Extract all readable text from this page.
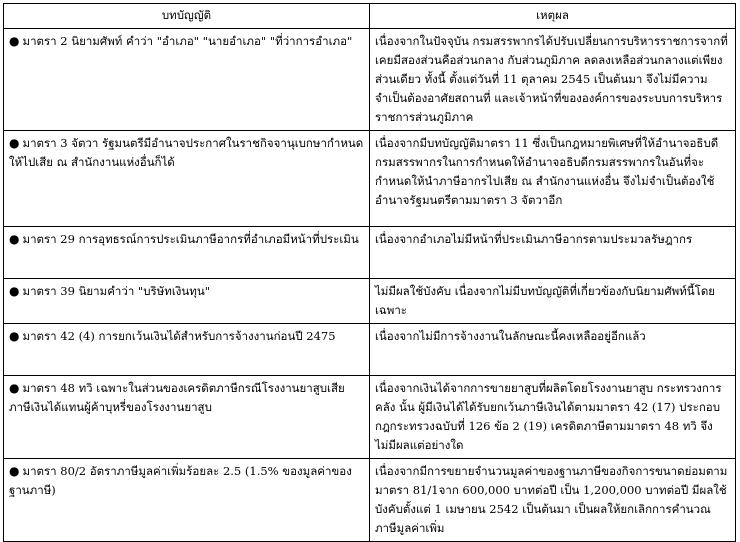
บทบัญญัติ	เหตุผล
● มาตรา 2 นิยามศัพท์ คำว่า "อำเภอ" "นายอำเภอ" "ที่ว่าการอำเภอ"	เนื่องจากในปัจจุบัน กรมสรรพากรได้ปรับเปลี่ยนการบริหารราชการจากที่เคยมีสองส่วนคือส่วนกลาง กับส่วนภูมิภาค ลดลงเหลือส่วนกลางแต่เพียงส่วนเดียว ทั้งนี้ ตั้งแต่วันที่ 11 ตุลาคม 2545 เป็นต้นมา จึงไม่มีความจำเป็นต้องอาศัยสถานที่ และเจ้าหน้าที่ขององค์การของระบบการบริหารราชการส่วนภูมิภาค
● มาตรา 3 จัตวา รัฐมนตรีมีอำนาจประกาศในราชกิจจานุเบกษากำหนดให้ไปเสีย ณ สำนักงานแห่งอื่นก็ได้	เนื่องจากมีบทบัญญัติมาตรา 11 ซึ่งเป็นกฎหมายพิเศษที่ให้อำนาจอธิบดีกรมสรรพากรในการกำหนดให้อำนาจอธิบดีกรมสรรพากรในอันที่จะกำหนดให้นำภาษีอากรไปเสีย ณ สำนักงานแห่งอื่น จึงไม่จำเป็นต้องใช้อำนาจรัฐมนตรีตามมาตรา 3 จัตวาอีก
● มาตรา 29 การอุทธรณ์การประเมินภาษีอากรที่อำเภอมีหน้าที่ประเมิน	เนื่องจากอำเภอไม่มีหน้าที่ประเมินภาษีอากรตามประมวลรัษฎากร
● มาตรา 39 นิยามคำว่า "บริษัทเงินทุน"	ไม่มีผลใช้บังคับ เนื่องจากไม่มีบทบัญญัติที่เกี่ยวข้องกับนิยามศัพท์นี้โดยเฉพาะ
● มาตรา 42 (4) การยกเว้นเงินได้สำหรับการจ้างงานก่อนปี 2475	เนื่องจากไม่มีการจ้างงานในลักษณะนี้คงเหลืออยู่อีกแล้ว
● มาตรา 48 ทวิ เฉพาะในส่วนของเครดิตภาษีกรณีโรงงานยาสูบเสียภาษีเงินได้แทนผู้ค้าบุหรี่ของโรงงานยาสูบ	เนื่องจากเงินได้จากการขายยาสูบที่ผลิตโดยโรงงานยาสูบ กระทรวงการคลัง นั้น ผู้มีเงินได้ได้รับยกเว้นภาษีเงินได้ตามมาตรา 42 (17) ประกอบกฎกระทรวงฉบับที่ 126 ข้อ 2 (19) เครดิตภาษีตามมาตรา 48 ทวิ จึงไม่มีผลแต่อย่างใด
● มาตรา 80/2 อัตราภาษีมูลค่าเพิ่มร้อยละ 2.5 (1.5% ของมูลค่าของฐานภาษี)	เนื่องจากมีการขยายจำนวนมูลค่าของฐานภาษีของกิจการขนาดย่อมตามมาตรา 81/1จาก 600,000 บาทต่อปี เป็น 1,200,000 บาทต่อปี มีผลใช้บังคับตั้งแต่ 1 เมษายน 2542 เป็นต้นมา เป็นผลให้ยกเลิกการคำนวณภาษีมูลค่าเพิ่ม
